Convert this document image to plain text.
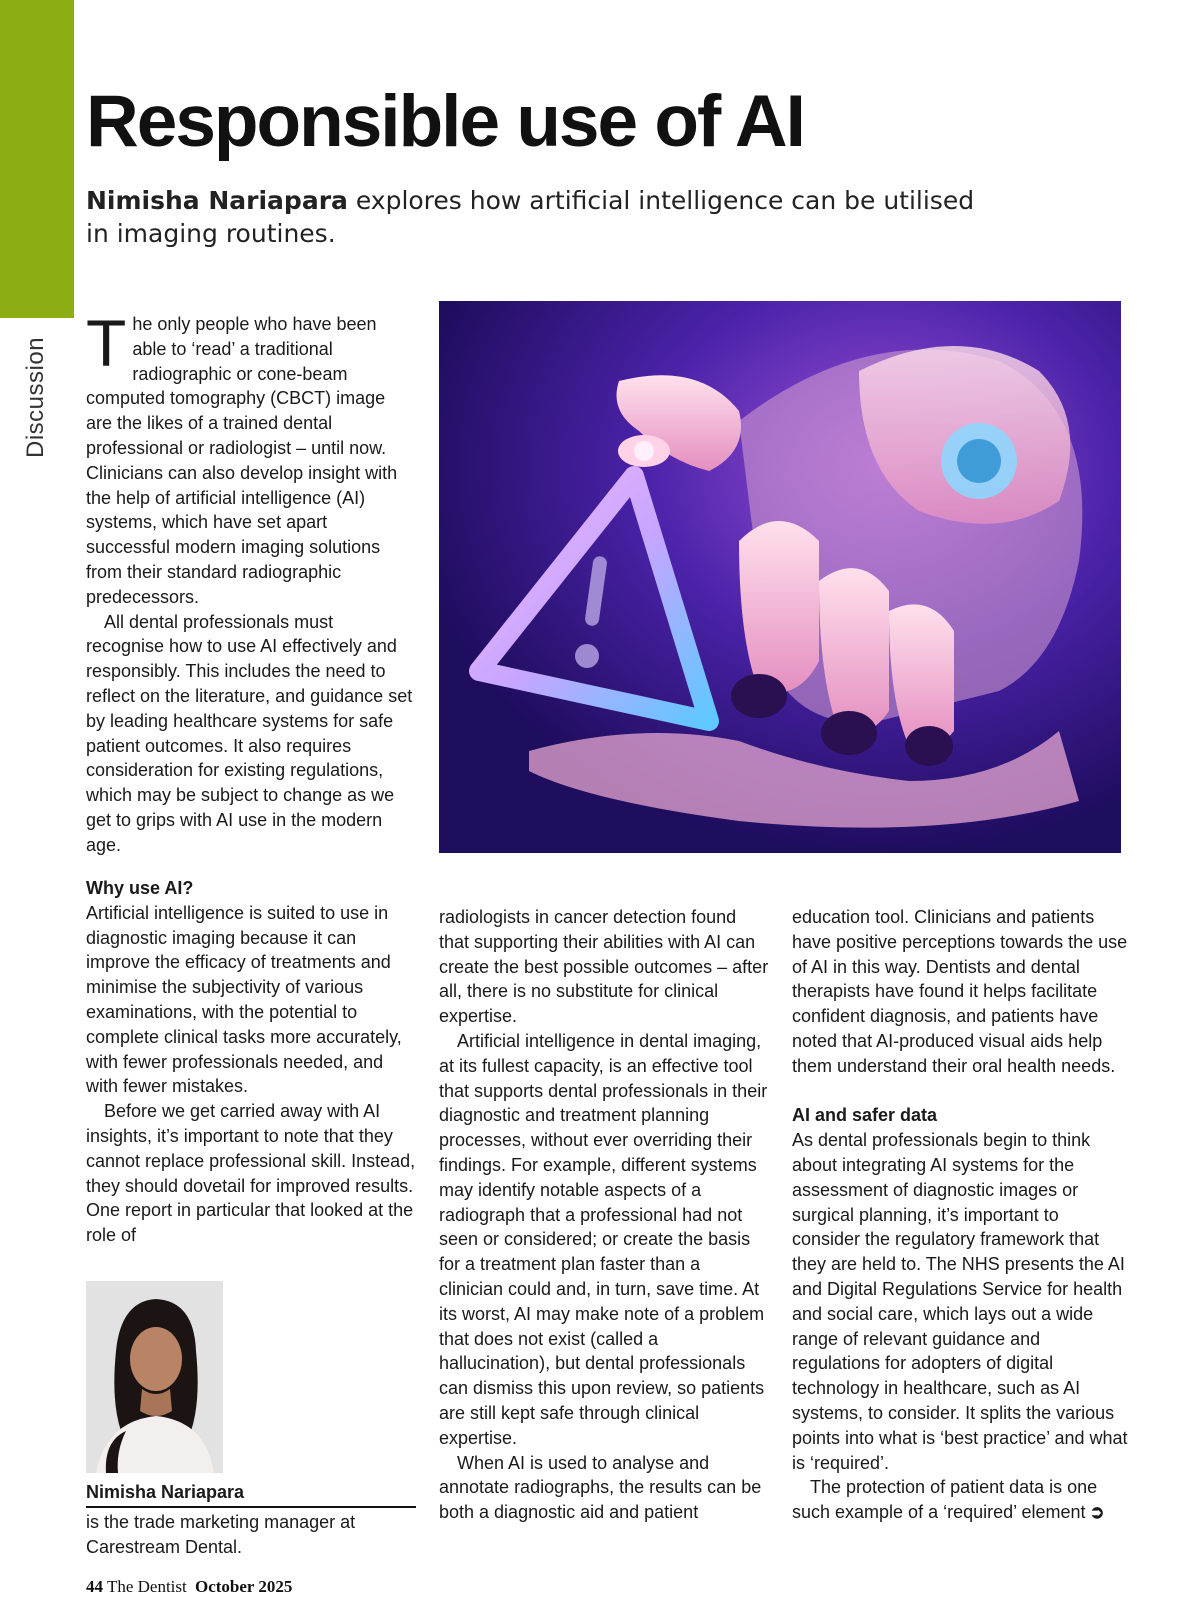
Discussion
Responsible use of AI

Nimisha Nariapara explores how artificial intelligence can be utilised in imaging routines.

The only people who have been able to ‘read’ a traditional radiographic or cone-beam computed tomography (CBCT) image are the likes of a trained dental professional or radiologist – until now. Clinicians can also develop insight with the help of artificial intelligence (AI) systems, which have set apart successful modern imaging solutions from their standard radiographic predecessors.

All dental professionals must recognise how to use AI effectively and responsibly. This includes the need to reflect on the literature, and guidance set by leading healthcare systems for safe patient outcomes. It also requires consideration for existing regulations, which may be subject to change as we get to grips with AI use in the modern age.

Why use AI?

Artificial intelligence is suited to use in diagnostic imaging because it can improve the efficacy of treatments and minimise the subjectivity of various examinations, with the potential to complete clinical tasks more accurately, with fewer professionals needed, and with fewer mistakes.

Before we get carried away with AI insights, it’s important to note that they cannot replace professional skill. Instead, they should dovetail for improved results. One report in particular that looked at the role of

radiologists in cancer detection found that supporting their abilities with AI can create the best possible outcomes – after all, there is no substitute for clinical expertise.

Artificial intelligence in dental imaging, at its fullest capacity, is an effective tool that supports dental professionals in their diagnostic and treatment planning processes, without ever overriding their findings. For example, different systems may identify notable aspects of a radiograph that a professional had not seen or considered; or create the basis for a treatment plan faster than a clinician could and, in turn, save time. At its worst, AI may make note of a problem that does not exist (called a hallucination), but dental professionals can dismiss this upon review, so patients are still kept safe through clinical expertise.

When AI is used to analyse and annotate radiographs, the results can be both a diagnostic aid and patient

education tool. Clinicians and patients have positive perceptions towards the use of AI in this way. Dentists and dental therapists have found it helps facilitate confident diagnosis, and patients have noted that AI-produced visual aids help them understand their oral health needs.

AI and safer data

As dental professionals begin to think about integrating AI systems for the assessment of diagnostic images or surgical planning, it’s important to consider the regulatory framework that they are held to. The NHS presents the AI and Digital Regulations Service for health and social care, which lays out a wide range of relevant guidance and regulations for adopters of digital technology in healthcare, such as AI systems, to consider. It splits the various points into what is ‘best practice’ and what is ‘required’.

The protection of patient data is one such example of a ‘required’ element ➲

Nimisha Nariapara
is the trade marketing manager at Carestream Dental.
44 The Dentist October 2025
